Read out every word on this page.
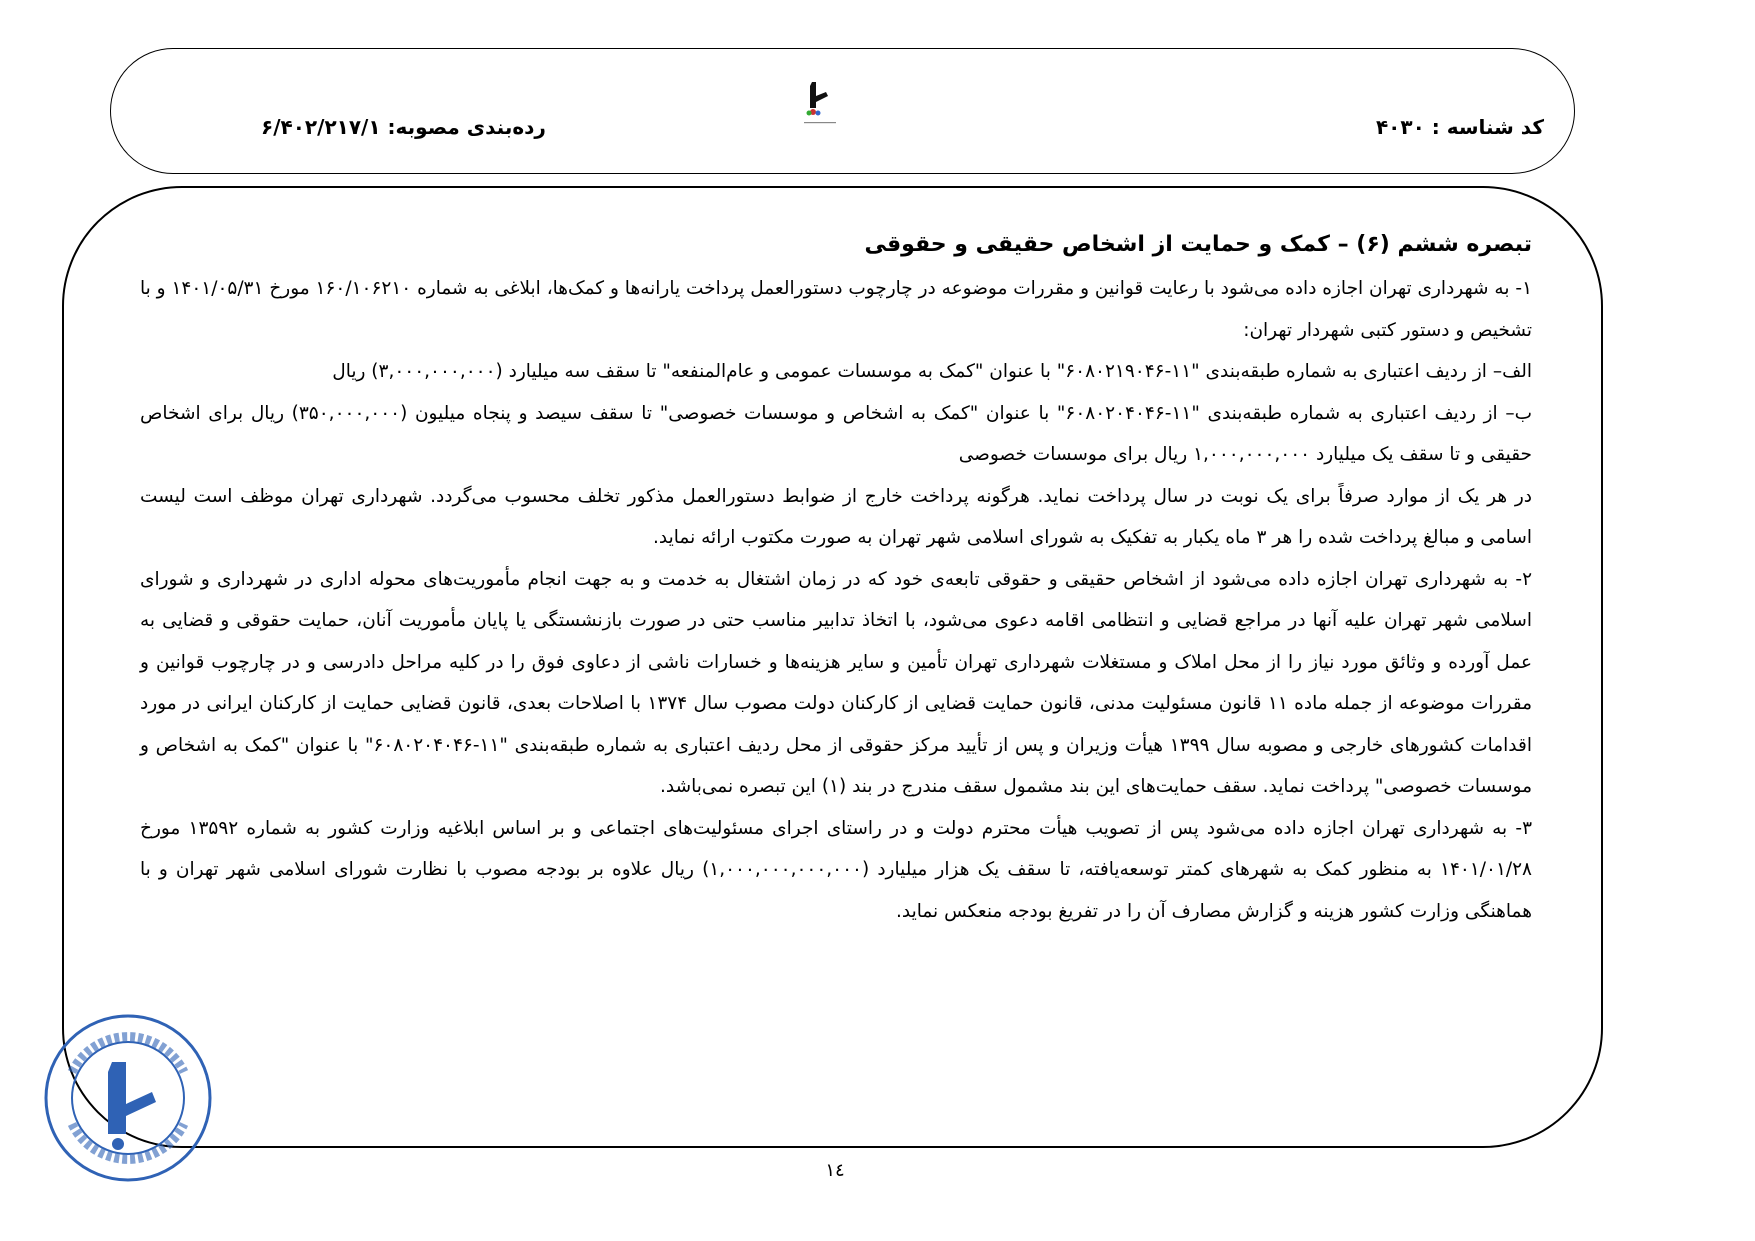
کد شناسه : ۴۰۳۰
رده‌بندی مصوبه: ۶/۴۰۲/۲۱۷/۱

تبصره ششم (۶) – کمک و حمایت از اشخاص حقیقی و حقوقی

۱- به شهرداری تهران اجازه داده می‌شود با رعایت قوانین و مقررات موضوعه در چارچوب دستورالعمل پرداخت یارانه‌ها و کمک‌ها، ابلاغی به شماره ۱۶۰/۱۰۶۲۱۰ مورخ ۱۴۰۱/۰۵/۳۱ و با تشخیص و دستور کتبی شهردار تهران:

الف– از ردیف اعتباری به شماره طبقه‌بندی "۱۱-۶۰۸۰۲۱۹۰۴۶" با عنوان "کمک به موسسات عمومی و عام‌المنفعه" تا سقف سه میلیارد (۳,۰۰۰,۰۰۰,۰۰۰) ریال

ب– از ردیف اعتباری به شماره طبقه‌بندی "۱۱-۶۰۸۰۲۰۴۰۴۶" با عنوان "کمک به اشخاص و موسسات خصوصی" تا سقف سیصد و پنجاه میلیون (۳۵۰,۰۰۰,۰۰۰) ریال برای اشخاص حقیقی و تا سقف یک میلیارد ۱,۰۰۰,۰۰۰,۰۰۰ ریال برای موسسات خصوصی

در هر یک از موارد صرفاً برای یک نوبت در سال پرداخت نماید. هرگونه پرداخت خارج از ضوابط دستورالعمل مذکور تخلف محسوب می‌گردد. شهرداری تهران موظف است لیست اسامی و مبالغ پرداخت شده را هر ۳ ماه یکبار به تفکیک به شورای اسلامی شهر تهران به صورت مکتوب ارائه نماید.

۲- به شهرداری تهران اجازه داده می‌شود از اشخاص حقیقی و حقوقی تابعه‌ی خود که در زمان اشتغال به خدمت و به جهت انجام مأموریت‌های محوله اداری در شهرداری و شورای اسلامی شهر تهران علیه آنها در مراجع قضایی و انتظامی اقامه دعوی می‌شود، با اتخاذ تدابیر مناسب حتی در صورت بازنشستگی یا پایان مأموریت آنان، حمایت حقوقی و قضایی به عمل آورده و وثائق مورد نیاز را از محل املاک و مستغلات شهرداری تهران تأمین و سایر هزینه‌ها و خسارات ناشی از دعاوی فوق را در کلیه مراحل دادرسی و در چارچوب قوانین و مقررات موضوعه از جمله ماده ۱۱ قانون مسئولیت مدنی، قانون حمایت قضایی از کارکنان دولت مصوب سال ۱۳۷۴ با اصلاحات بعدی، قانون قضایی حمایت از کارکنان ایرانی در مورد اقدامات کشورهای خارجی و مصوبه سال ۱۳۹۹ هیأت وزیران و پس از تأیید مرکز حقوقی از محل ردیف اعتباری به شماره طبقه‌بندی "۱۱-۶۰۸۰۲۰۴۰۴۶" با عنوان "کمک به اشخاص و موسسات خصوصی" پرداخت نماید. سقف حمایت‌های این بند مشمول سقف مندرج در بند (۱) این تبصره نمی‌باشد.

۳- به شهرداری تهران اجازه داده می‌شود پس از تصویب هیأت محترم دولت و در راستای اجرای مسئولیت‌های اجتماعی و بر اساس ابلاغیه وزارت کشور به شماره ۱۳۵۹۲ مورخ ۱۴۰۱/۰۱/۲۸ به منظور کمک به شهرهای کمتر توسعه‌یافته، تا سقف یک هزار میلیارد (۱,۰۰۰,۰۰۰,۰۰۰,۰۰۰) ریال علاوه بر بودجه مصوب با نظارت شورای اسلامی شهر تهران و با هماهنگی وزارت کشور هزینه و گزارش مصارف آن را در تفریغ بودجه منعکس نماید.

۱٤
